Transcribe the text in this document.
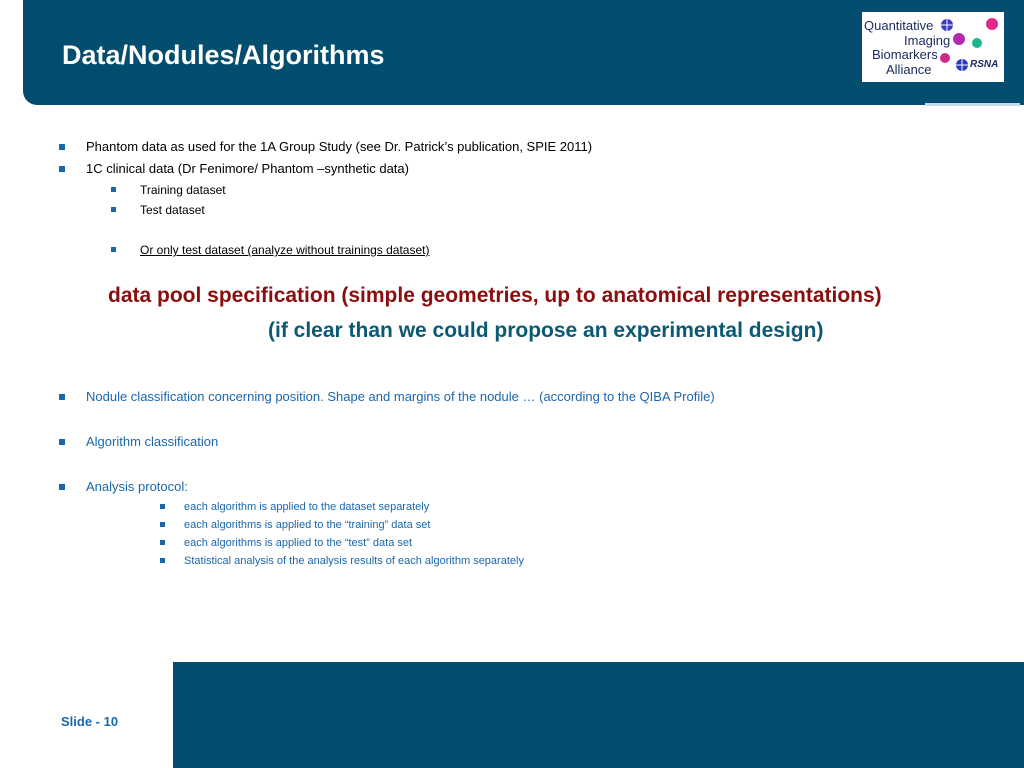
Data/Nodules/Algorithms
Quantitative
Imaging
Biomarkers
Alliance	RSNA
Phantom data as used for the 1A Group Study (see Dr. Patrick’s publication, SPIE 2011)
1C clinical data (Dr Fenimore/ Phantom –synthetic data)
Training dataset
Test dataset
Or only test dataset (analyze without trainings dataset)
data pool specification (simple geometries, up to anatomical representations)
(if clear than we could propose an experimental design)
Nodule classification concerning position. Shape and margins of the nodule … (according to the QIBA Profile)
Algorithm classification
Analysis protocol:
each algorithm is applied to the dataset separately
each algorithms is applied to the “training” data set
each algorithms is applied to the “test” data set
Statistical analysis of the analysis results of each algorithm separately
Slide - 10
